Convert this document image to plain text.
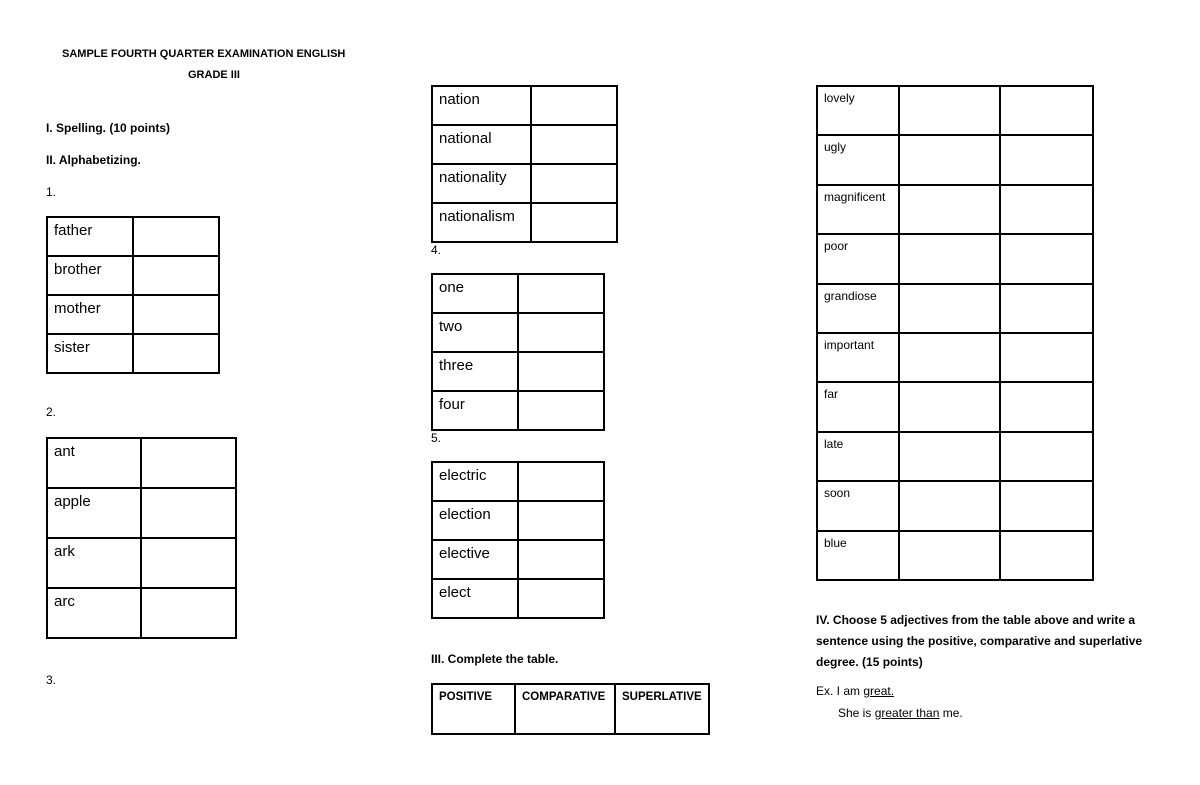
SAMPLE FOURTH QUARTER EXAMINATION ENGLISH
GRADE III
I. Spelling. (10 points)
II. Alphabetizing.
1.
father	

brother	

mother	

sister	

2.
ant	

apple	

ark	

arc	

3.
nation	

national	

nationality	

nationalism	

4.
one	

two	

three	

four	

5.
electric	

election	

elective	

elect	

III. Complete the table.
POSITIVE	COMPARATIVE	SUPERLATIVE
lovely		

ugly		

magnificent		

poor		

grandiose		

important		

far		

late		

soon		

blue		

IV. Choose 5 adjectives from the table above and write a sentence using the positive, comparative and superlative degree. (15 points)
Ex. I am great.
She is greater than me.
